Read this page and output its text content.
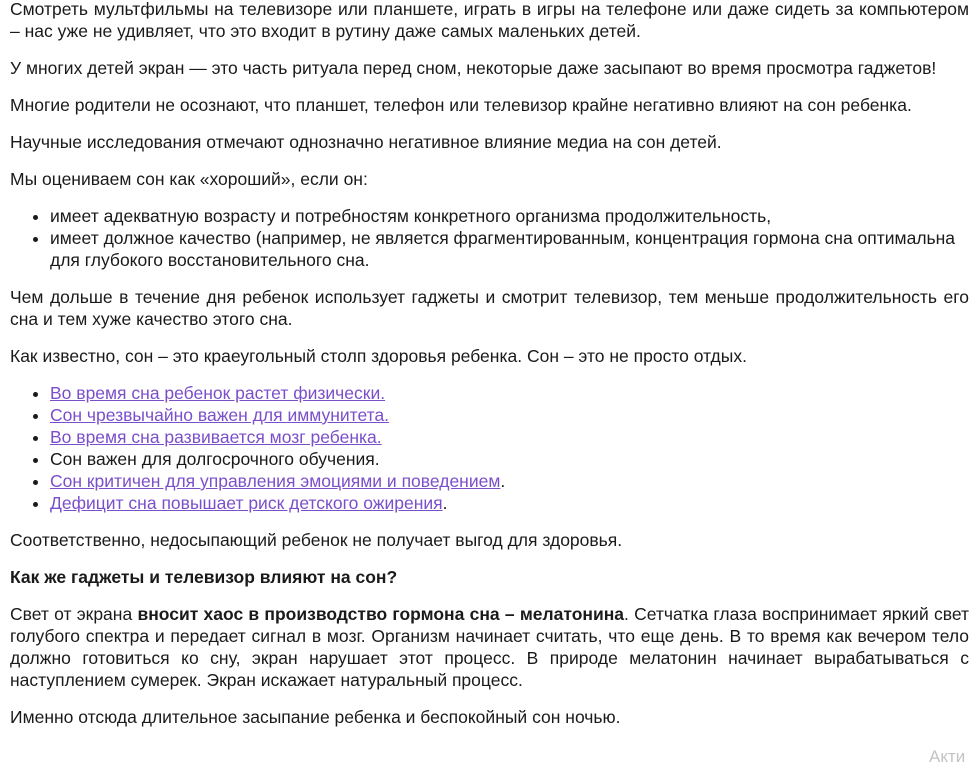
Смотреть мультфильмы на телевизоре или планшете, играть в игры на телефоне или даже сидеть за компьютером – нас уже не удивляет, что это входит в рутину даже самых маленьких детей.

У многих детей экран — это часть ритуала перед сном, некоторые даже засыпают во время просмотра гаджетов!

Многие родители не осознают, что планшет, телефон или телевизор крайне негативно влияют на сон ребенка.

Научные исследования отмечают однозначно негативное влияние медиа на сон детей.

Мы оцениваем сон как «хороший», если он:

• имеет адекватную возрасту и потребностям конкретного организма продолжительность,
• имеет должное качество (например, не является фрагментированным, концентрация гормона сна оптимальна для глубокого восстановительного сна.

Чем дольше в течение дня ребенок использует гаджеты и смотрит телевизор, тем меньше продолжительность его сна и тем хуже качество этого сна.

Как известно, сон – это краеугольный столп здоровья ребенка. Сон – это не просто отдых.

• Во время сна ребенок растет физически.
• Сон чрезвычайно важен для иммунитета.
• Во время сна развивается мозг ребенка.
• Сон важен для долгосрочного обучения.
• Сон критичен для управления эмоциями и поведением.
• Дефицит сна повышает риск детского ожирения.

Соответственно, недосыпающий ребенок не получает выгод для здоровья.

Как же гаджеты и телевизор влияют на сон?

Свет от экрана вносит хаос в производство гормона сна – мелатонина. Сетчатка глаза воспринимает яркий свет голубого спектра и передает сигнал в мозг. Организм начинает считать, что еще день. В то время как вечером тело должно готовиться ко сну, экран нарушает этот процесс. В природе мелатонин начинает вырабатываться с наступлением сумерек. Экран искажает натуральный процесс.

Именно отсюда длительное засыпание ребенка и беспокойный сон ночью.

Акти
